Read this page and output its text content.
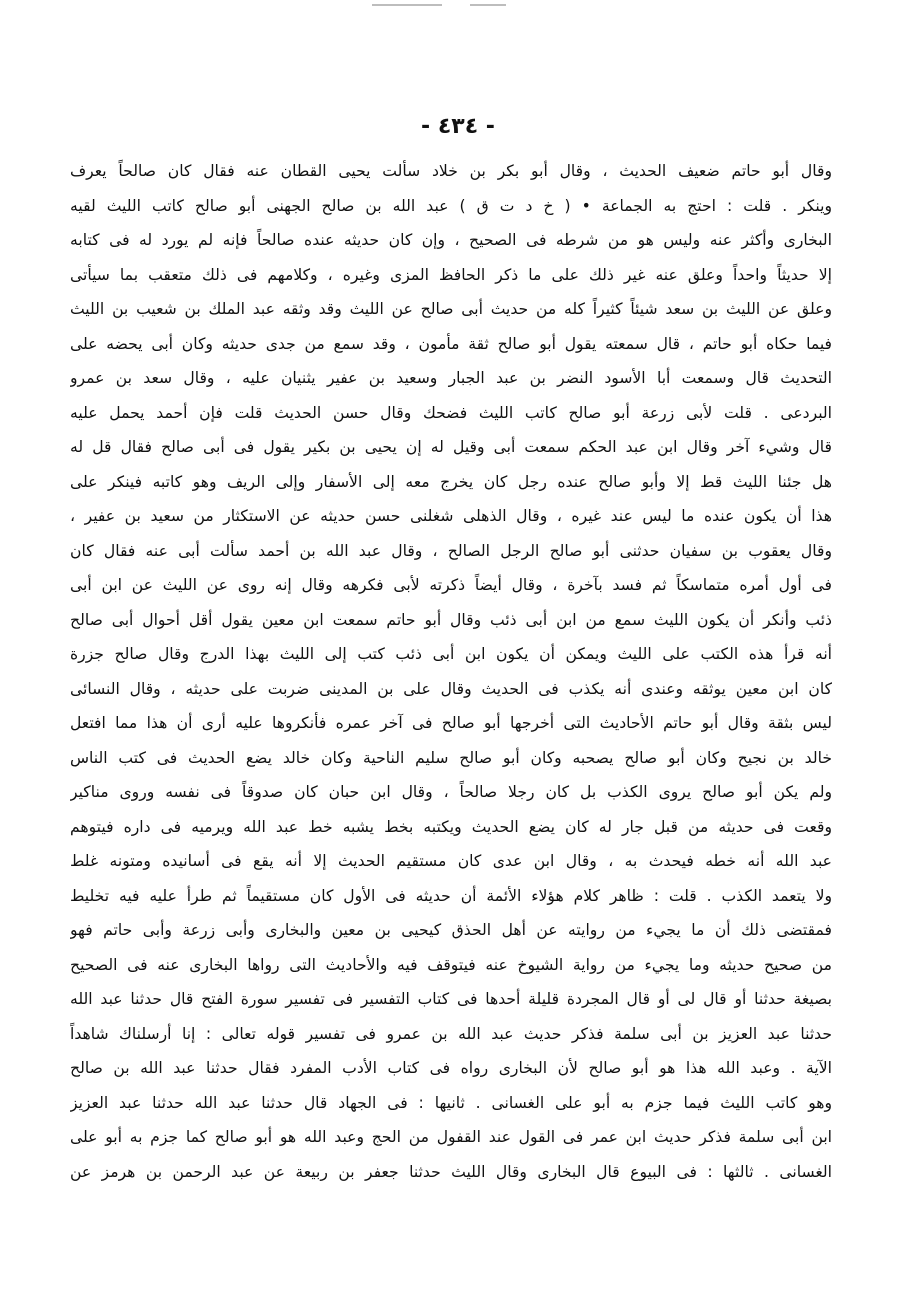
- ٤٣٤ -
وقال أبو حاتم ضعيف الحديث ، وقال أبو بكر بن خلاد سألت يحيى القطان عنه فقال كان صالحاً يعرف
وينكر . قلت : احتج به الجماعة • ( خ د ت ق ) عبد الله بن صالح الجهنى أبو صالح كاتب الليث لقيه
البخارى وأكثر عنه وليس هو من شرطه فى الصحيح ، وإن كان حديثه عنده صالحاً فإنه لم يورد له فى كتابه
إلا حديثاً واحداً وعلق عنه غير ذلك على ما ذكر الحافظ المزى وغيره ، وكلامهم فى ذلك متعقب بما سيأتى
وعلق عن الليث بن سعد شيئاً كثيراً كله من حديث أبى صالح عن الليث وقد وثقه عبد الملك بن شعيب بن الليث
فيما حكاه أبو حاتم ، قال سمعته يقول أبو صالح ثقة مأمون ، وقد سمع من جدى حديثه وكان أبى يحضه على
التحديث قال وسمعت أبا الأسود النضر بن عبد الجبار وسعيد بن عفير يثنيان عليه ، وقال سعد بن عمرو
البردعى . قلت لأبى زرعة أبو صالح كاتب الليث فضحك وقال حسن الحديث قلت فإن أحمد يحمل عليه
قال وشيء آخر وقال ابن عبد الحكم سمعت أبى وقيل له إن يحيى بن بكير يقول فى أبى صالح فقال قل له
هل جئنا الليث قط إلا وأبو صالح عنده رجل كان يخرج معه إلى الأسفار وإلى الريف وهو كاتبه فينكر على
هذا أن يكون عنده ما ليس عند غيره ، وقال الذهلى شغلنى حسن حديثه عن الاستكثار من سعيد بن عفير ،
وقال يعقوب بن سفيان حدثنى أبو صالح الرجل الصالح ، وقال عبد الله بن أحمد سألت أبى عنه فقال كان
فى أول أمره متماسكاً ثم فسد بآخرة ، وقال أيضاً ذكرته لأبى فكرهه وقال إنه روى عن الليث عن ابن أبى
ذئب وأنكر أن يكون الليث سمع من ابن أبى ذئب وقال أبو حاتم سمعت ابن معين يقول أقل أحوال أبى صالح
أنه قرأ هذه الكتب على الليث ويمكن أن يكون ابن أبى ذئب كتب إلى الليث بهذا الدرج وقال صالح جزرة
كان ابن معين يوثقه وعندى أنه يكذب فى الحديث وقال على بن المدينى ضربت على حديثه ، وقال النسائى
ليس بثقة وقال أبو حاتم الأحاديث التى أخرجها أبو صالح فى آخر عمره فأنكروها عليه أرى أن هذا مما افتعل
خالد بن نجيح وكان أبو صالح يصحبه وكان أبو صالح سليم الناحية وكان خالد يضع الحديث فى كتب الناس
ولم يكن أبو صالح يروى الكذب بل كان رجلا صالحاً ، وقال ابن حبان كان صدوقاً فى نفسه وروى مناكير
وقعت فى حديثه من قبل جار له كان يضع الحديث ويكتبه بخط يشبه خط عبد الله ويرميه فى داره فيتوهم
عبد الله أنه خطه فيحدث به ، وقال ابن عدى كان مستقيم الحديث إلا أنه يقع فى أسانيده ومتونه غلط
ولا يتعمد الكذب . قلت : ظاهر كلام هؤلاء الأئمة أن حديثه فى الأول كان مستقيماً ثم طرأ عليه فيه تخليط
فمقتضى ذلك أن ما يجيء من روايته عن أهل الحذق كيحيى بن معين والبخارى وأبى زرعة وأبى حاتم فهو
من صحيح حديثه وما يجيء من رواية الشيوخ عنه فيتوقف فيه والأحاديث التى رواها البخارى عنه فى الصحيح
بصيغة حدثنا أو قال لى أو قال المجردة قليلة أحدها فى كتاب التفسير فى تفسير سورة الفتح قال حدثنا عبد الله
حدثنا عبد العزيز بن أبى سلمة فذكر حديث عبد الله بن عمرو فى تفسير قوله تعالى : إنا أرسلناك شاهداً
الآية . وعبد الله هذا هو أبو صالح لأن البخارى رواه فى كتاب الأدب المفرد فقال حدثنا عبد الله بن صالح
وهو كاتب الليث فيما جزم به أبو على الغسانى . ثانيها : فى الجهاد قال حدثنا عبد الله حدثنا عبد العزيز
ابن أبى سلمة فذكر حديث ابن عمر فى القول عند القفول من الحج وعبد الله هو أبو صالح كما جزم به أبو على
الغسانى . ثالثها : فى البيوع قال البخارى وقال الليث حدثنا جعفر بن ربيعة عن عبد الرحمن بن هرمز عن
